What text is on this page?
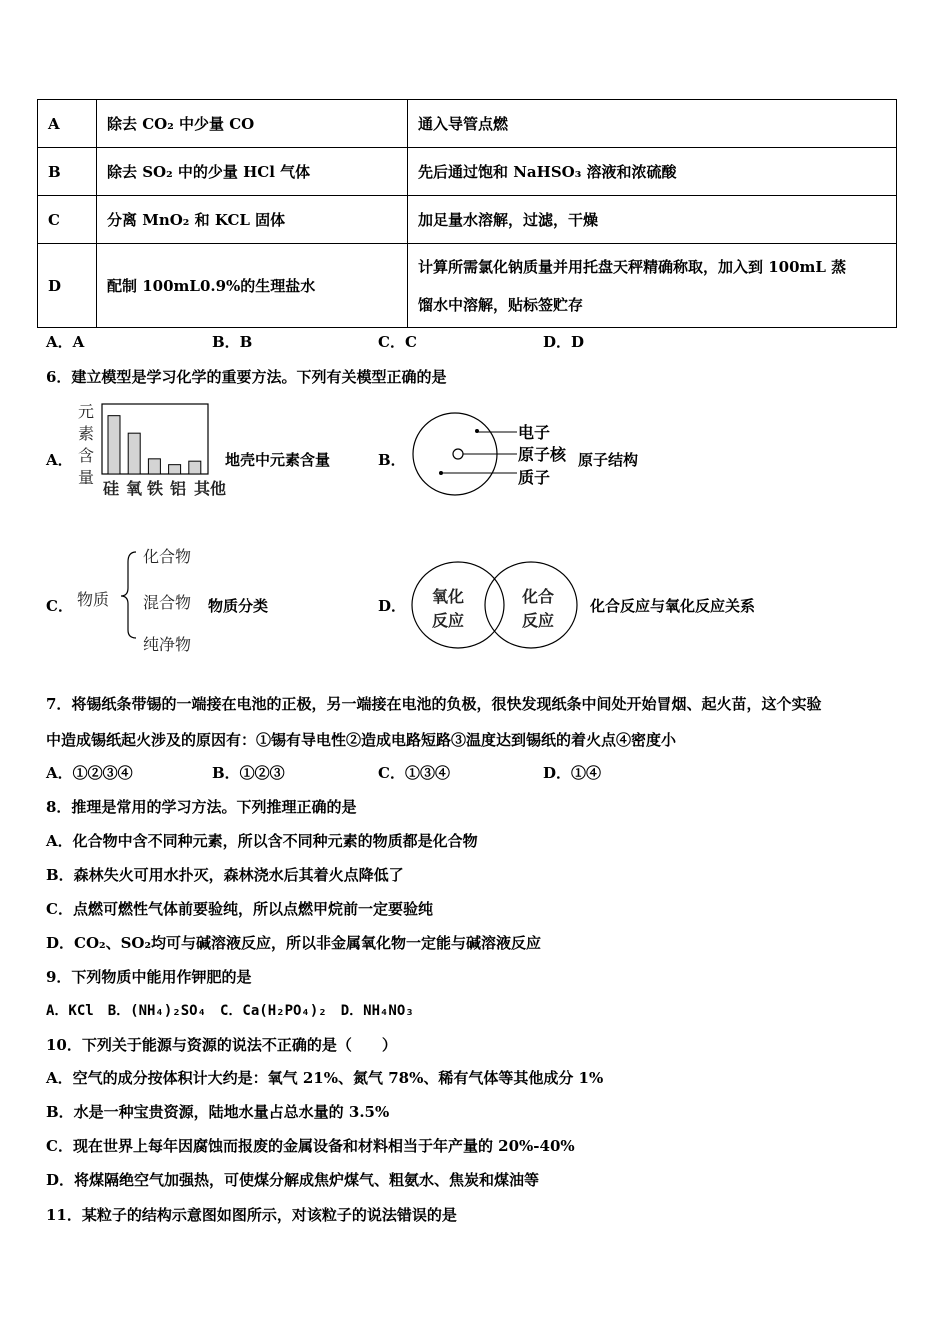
A	除去 CO₂ 中少量 CO	通入导管点燃
B	除去 SO₂ 中的少量 HCl 气体	先后通过饱和 NaHSO₃ 溶液和浓硫酸
C	分离 MnO₂ 和 KCL 固体	加足量水溶解，过滤，干燥
D	配制 100mL0.9%的生理盐水	计算所需氯化钠质量并用托盘天秤精确称取，加入到 100mL 蒸
馏水中溶解，贴标签贮存
A．A	B．B	C．C	D．D
6．建立模型是学习化学的重要方法。下列有关模型正确的是
A．
元
素
含
量
硅 氧 铁 铝 其他
地壳中元素含量	B．
电子
原子核
质子
原子结构
C． 物质
化合物
混合物
纯净物
物质分类	D． 氧化
反应
化合
反应
化合反应与氧化反应关系
7．将锡纸条带锡的一端接在电池的正极，另一端接在电池的负极，很快发现纸条中间处开始冒烟、起火苗，这个实验
中造成锡纸起火涉及的原因有：①锡有导电性②造成电路短路③温度达到锡纸的着火点④密度小
A．①②③④	B．①②③	C．①③④	D．①④
8．推理是常用的学习方法。下列推理正确的是
A．化合物中含不同种元素，所以含不同种元素的物质都是化合物
B．森林失火可用水扑灭，森林浇水后其着火点降低了
C．点燃可燃性气体前要验纯，所以点燃甲烷前一定要验纯
D．CO₂、SO₂均可与碱溶液反应，所以非金属氧化物一定能与碱溶液反应
9．下列物质中能用作钾肥的是
A．KCl　B．(NH₄)₂SO₄　C．Ca(H₂PO₄)₂　D．NH₄NO₃
10．下列关于能源与资源的说法不正确的是（　　）
A．空气的成分按体积计大约是：氧气 21%、氮气 78%、稀有气体等其他成分 1%
B．水是一种宝贵资源，陆地水量占总水量的 3.5%
C．现在世界上每年因腐蚀而报废的金属设备和材料相当于年产量的 20%-40%
D．将煤隔绝空气加强热，可使煤分解成焦炉煤气、粗氨水、焦炭和煤油等
11．某粒子的结构示意图如图所示，对该粒子的说法错误的是
